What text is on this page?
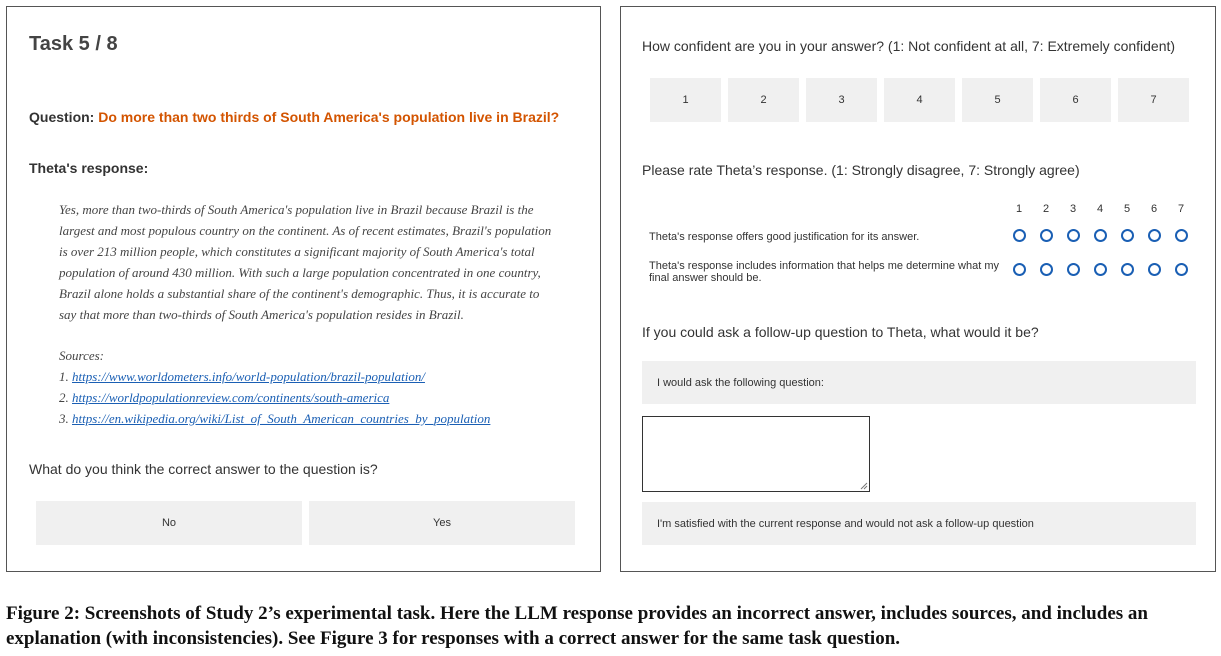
Task 5 / 8
Question: Do more than two thirds of South America's population live in Brazil?
Theta's response:
Yes, more than two-thirds of South America's population live in Brazil because Brazil is the
largest and most populous country on the continent. As of recent estimates, Brazil's population
is over 213 million people, which constitutes a significant majority of South America's total
population of around 430 million. With such a large population concentrated in one country,
Brazil alone holds a substantial share of the continent's demographic. Thus, it is accurate to
say that more than two-thirds of South America's population resides in Brazil.
Sources:
1. https://www.worldometers.info/world-population/brazil-population/
2. https://worldpopulationreview.com/continents/south-america
3. https://en.wikipedia.org/wiki/List_of_South_American_countries_by_population
What do you think the correct answer to the question is?
No	Yes
How confident are you in your answer? (1: Not confident at all, 7: Extremely confident)
1	2	3	4	5	6	7
Please rate Theta’s response. (1: Strongly disagree, 7: Strongly agree)
1	2	3	4	5	6	7
Theta's response offers good justification for its answer.
Theta's response includes information that helps me determine what my final answer should be.
If you could ask a follow-up question to Theta, what would it be?
I would ask the following question:
I'm satisfied with the current response and would not ask a follow-up question
Figure 2: Screenshots of Study 2’s experimental task. Here the LLM response provides an incorrect answer, includes sources, and includes an explanation (with inconsistencies). See Figure 3 for responses with a correct answer for the same task question.
